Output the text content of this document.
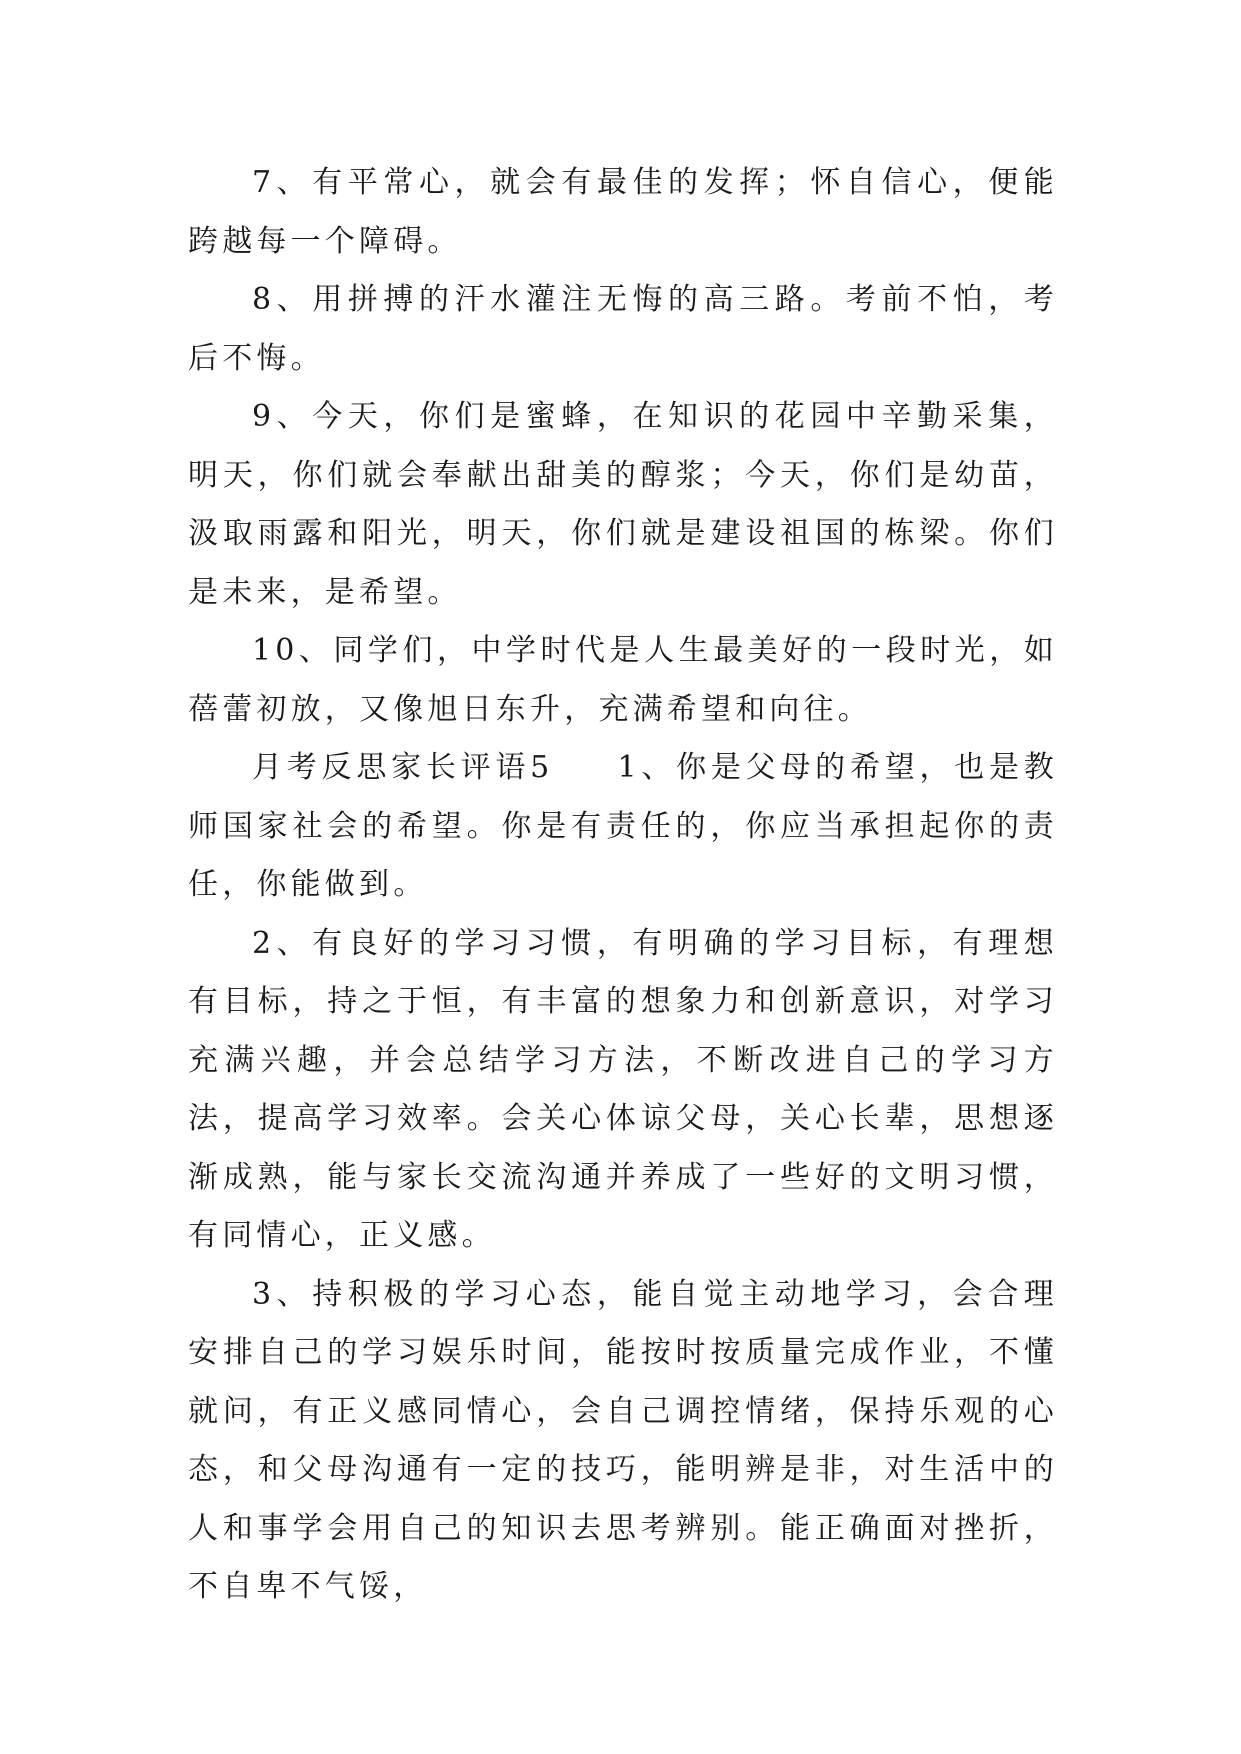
7、有平常心，就会有最佳的发挥；怀自信心，便能跨越每一个障碍。

8、用拼搏的汗水灌注无悔的高三路。考前不怕，考后不悔。

9、今天，你们是蜜蜂，在知识的花园中辛勤采集，明天，你们就会奉献出甜美的醇浆；今天，你们是幼苗，汲取雨露和阳光，明天，你们就是建设祖国的栋梁。你们是未来，是希望。

10、同学们，中学时代是人生最美好的一段时光，如蓓蕾初放，又像旭日东升，充满希望和向往。

月考反思家长评语5 1、你是父母的希望，也是教师国家社会的希望。你是有责任的，你应当承担起你的责任，你能做到。

2、有良好的学习习惯，有明确的学习目标，有理想有目标，持之于恒，有丰富的想象力和创新意识，对学习充满兴趣，并会总结学习方法，不断改进自己的学习方法，提高学习效率。会关心体谅父母，关心长辈，思想逐渐成熟，能与家长交流沟通并养成了一些好的文明习惯，有同情心，正义感。

3、持积极的学习心态，能自觉主动地学习，会合理安排自己的学习娱乐时间，能按时按质量完成作业，不懂就问，有正义感同情心，会自己调控情绪，保持乐观的心态，和父母沟通有一定的技巧，能明辨是非，对生活中的人和事学会用自己的知识去思考辨别。能正确面对挫折，不自卑不气馁，
